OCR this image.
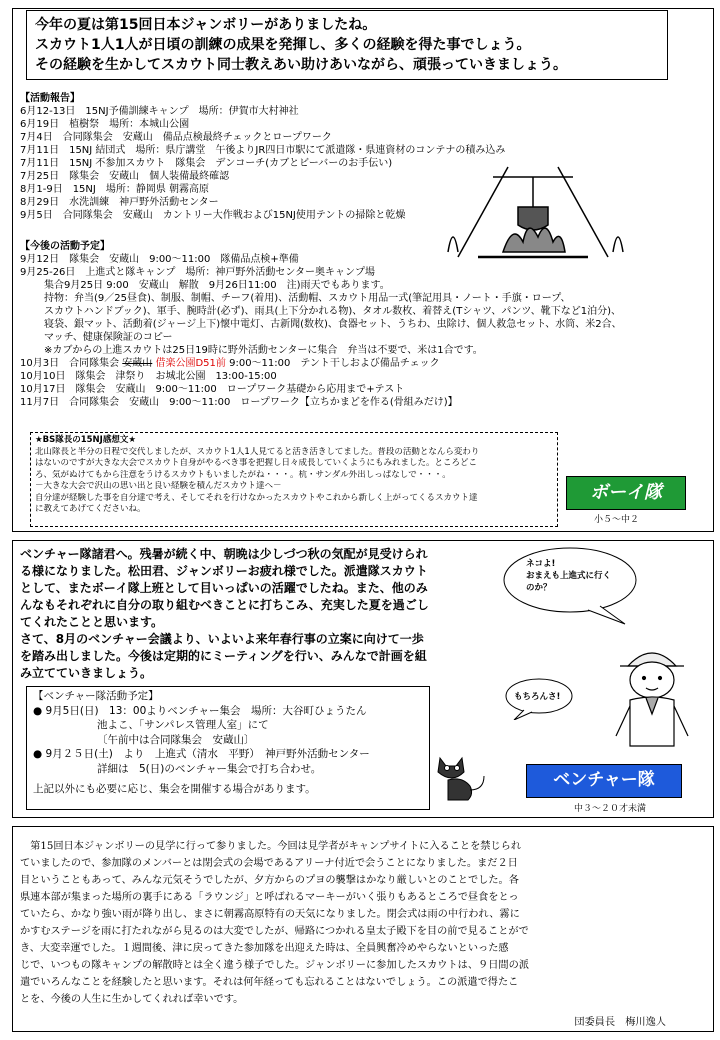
今年の夏は第15回日本ジャンボリーがありましたね。
スカウト1人1人が日頃の訓練の成果を発揮し、多くの経験を得た事でしょう。
その経験を生かしてスカウト同士教えあい助けあいながら、頑張っていきましょう。
【活動報告】
6月12-13日　15NJ予備訓練キャンプ　場所：伊賀市大村神社
6月19日　植樹祭　場所：本城山公園
7月4日　合同隊集会　安蔵山　備品点検最終チェックとロープワーク
7月11日　15NJ 結団式　場所：県庁講堂　午後よりJR四日市駅にて派遣隊・県連資材のコンテナの積み込み
7月11日　15NJ 不参加スカウト　隊集会　デンコーチ(カブとビーバーのお手伝い)
7月25日　隊集会　安蔵山　個人装備最終確認
8月1-9日　15NJ　場所：静岡県 朝霧高原
8月29日　水洗訓練　神戸野外活動センター
9月5日　合同隊集会　安蔵山　カントリー大作戦および15NJ使用テントの掃除と乾燥
【今後の活動予定】
9月12日　隊集会　安蔵山　9:00～11:00　隊備品点検+準備
9月25-26日　上進式と隊キャンプ　場所：神戸野外活動センター奥キャンプ場
集合9月25日 9:00　安蔵山　解散　9月26日11:00　注)雨天でもあります。
持物：弁当(9／25昼食)、制服、制帽、チーフ(着用)、活動帽、スカウト用品一式(筆記用具・ノート・手旗・ロープ、
スカウトハンドブック)、軍手、腕時計(必ず)、雨具(上下分かれる物)、タオル数枚、着替え(Tシャツ、パンツ、靴下など1泊分)、
寝袋、銀マット、活動着(ジャージ上下)懐中電灯、古新聞(数枚)、食器セット、うちわ、虫除け、個人救急セット、水筒、米2合、
マッチ、健康保険証のコピー
※カブからの上進スカウトは25日19時に野外活動センターに集合　弁当は不要で、米は1合です。
10月3日　合同隊集会 安蔵山 借楽公園D51前 9:00～11:00　テント干しおよび備品チェック
10月10日　隊集会　津祭り　お城北公園　13:00-15:00
10月17日　隊集会　安蔵山　9:00～11:00　ロープワーク基礎から応用まで+テスト
11月7日　合同隊集会　安蔵山　9:00～11:00　ロープワーク【立ちかまどを作る(骨組みだけ)】
★BS隊長の15NJ感想文★
北山隊長と半分の日程で交代しましたが、スカウト1人1人見てると活き活きしてました。普段の活動となんら変わり
はないのですが大きな大会でスカウト自身がやるべき事を把握し日々成長していくようにもみれました。ところどこ
ろ、気がぬけてもから注意をうけるスカウトもいましたがね・・・。杭・サンダル外出しっぱなしで・・・。
－大きな大会で沢山の思い出と良い経験を積んだスカウト達へ－
自分達が経験した事を自分達で考え、そしてそれを行けなかったスカウトやこれから新しく上がってくるスカウト達
に教えてあげてくださいね。
ボーイ隊
小５～中２
ベンチャー隊諸君へ。残暑が続く中、朝晩は少しづつ秋の気配が見受けられ
る様になりました。松田君、ジャンボリーお疲れ様でした。派遣隊スカウト
として、またボーイ隊上班として目いっぱいの活躍でしたね。また、他のみ
んなもそれぞれに自分の取り組むべきことに打ちこみ、充実した夏を過ごし
てくれたことと思います。
さて、8月のベンチャー会議より、いよいよ来年春行事の立案に向けて一歩
を踏み出しました。今後は定期的にミーティングを行い、みんなで計画を組
み立てていきましょう。
ネコよ!
おまえも上進式に行く
のか？
もちろんさ!
【ベンチャー隊活動予定】
● 9月5日(日)　13：00よりベンチャー集会　場所：大谷町ひょうたん
池よこ、「サンパレス管理人室」にて
〔午前中は合同隊集会　安蔵山〕
● 9月２５日(土)　より　上進式（清水　平野）　神戸野外活動センター
詳細は　5(日)のベンチャー集会で打ち合わせ。
上記以外にも必要に応じ、集会を開催する場合があります。	ベンチャー隊
中３～２０才未満
　第15回日本ジャンボリーの見学に行って参りました。今回は見学者がキャンプサイトに入ることを禁じられ
ていましたので、参加隊のメンバーとは閉会式の会場であるアリーナ付近で会うことになりました。まだ２日
目ということもあって、みんな元気そうでしたが、夕方からのプヨの襲撃はかなり厳しいとのことでした。各
県連本部が集まった場所の裏手にある「ラウンジ」と呼ばれるマーキーがいく張りもあるところで昼食をとっ
ていたら、かなり強い雨が降り出し、まさに朝霧高原特有の天気になりました。閉会式は雨の中行われ、霧に
かすむステージを雨に打たれながら見るのは大変でしたが、帰路につかれる皇太子殿下を目の前で見ることがで
き、大変幸運でした。１週間後、津に戻ってきた参加隊を出迎えた時は、全員興奮冷めやらないといった感
じで、いつもの隊キャンプの解散時とは全く違う様子でした。ジャンボリーに参加したスカウトは、９日間の派
遣でいろんなことを経験したと思います。それは何年経っても忘れることはないでしょう。この派遣で得たこ
とを、今後の人生に生かしてくれれば幸いです。
団委員長　梅川逸人
